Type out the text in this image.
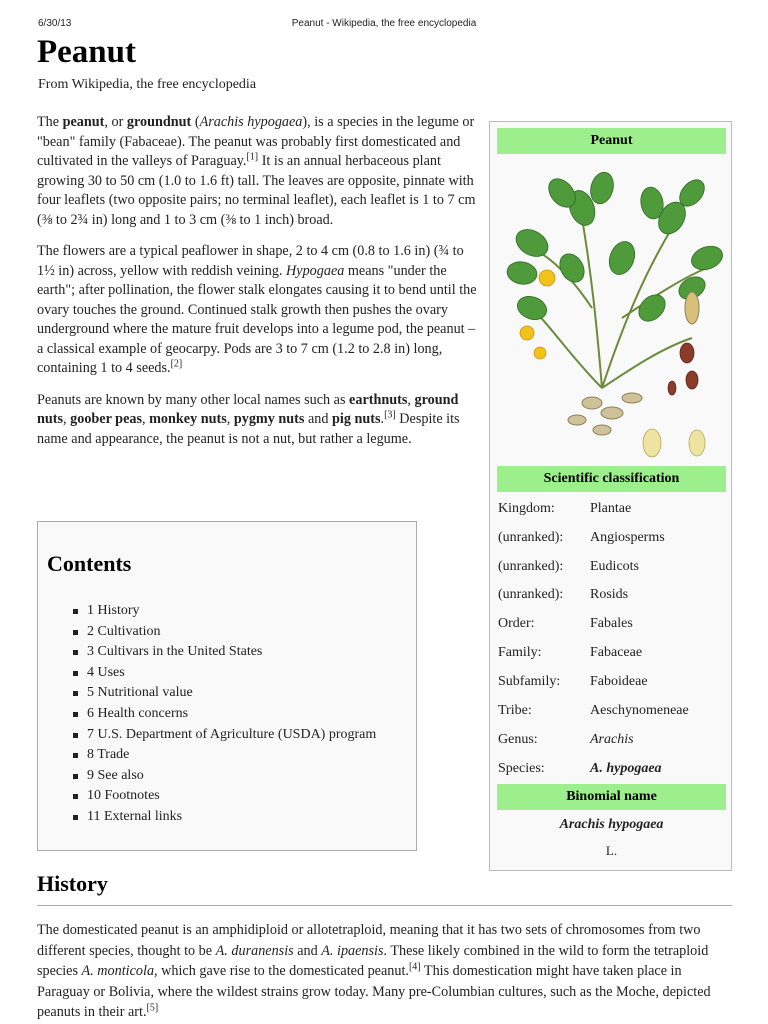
6/30/13	Peanut - Wikipedia, the free encyclopedia
Peanut
From Wikipedia, the free encyclopedia

The peanut, or groundnut (Arachis hypogaea), is a species in the legume or "bean" family (Fabaceae). The peanut was probably first domesticated and cultivated in the valleys of Paraguay.[1] It is an annual herbaceous plant growing 30 to 50 cm (1.0 to 1.6 ft) tall. The leaves are opposite, pinnate with four leaflets (two opposite pairs; no terminal leaflet), each leaflet is 1 to 7 cm (⅜ to 2¾ in) long and 1 to 3 cm (⅜ to 1 inch) broad.

The flowers are a typical peaflower in shape, 2 to 4 cm (0.8 to 1.6 in) (¾ to 1½ in) across, yellow with reddish veining. Hypogaea means "under the earth"; after pollination, the flower stalk elongates causing it to bend until the ovary touches the ground. Continued stalk growth then pushes the ovary underground where the mature fruit develops into a legume pod, the peanut – a classical example of geocarpy. Pods are 3 to 7 cm (1.2 to 2.8 in) long, containing 1 to 4 seeds.[2]

Peanuts are known by many other local names such as earthnuts, ground nuts, goober peas, monkey nuts, pygmy nuts and pig nuts.[3] Despite its name and appearance, the peanut is not a nut, but rather a legume.

Contents
1 History
2 Cultivation
3 Cultivars in the United States
4 Uses
5 Nutritional value
6 Health concerns
7 U.S. Department of Agriculture (USDA) program
8 Trade
9 See also
10 Footnotes
11 External links
Peanut
Scientific classification
Kingdom:	Plantae
(unranked): Angiosperms
(unranked): Eudicots
(unranked): Rosids
Order:	Fabales
Family:	Fabaceae
Subfamily: Faboideae
Tribe:	Aeschynomeneae
Genus:	Arachis
Species:	A. hypogaea
Binomial name
Arachis hypogaea
L.
History

The domesticated peanut is an amphidiploid or allotetraploid, meaning that it has two sets of chromosomes from two different species, thought to be A. duranensis and A. ipaensis. These likely combined in the wild to form the tetraploid species A. monticola, which gave rise to the domesticated peanut.[4] This domestication might have taken place in Paraguay or Bolivia, where the wildest strains grow today. Many pre-Columbian cultures, such as the Moche, depicted peanuts in their art.[5]
